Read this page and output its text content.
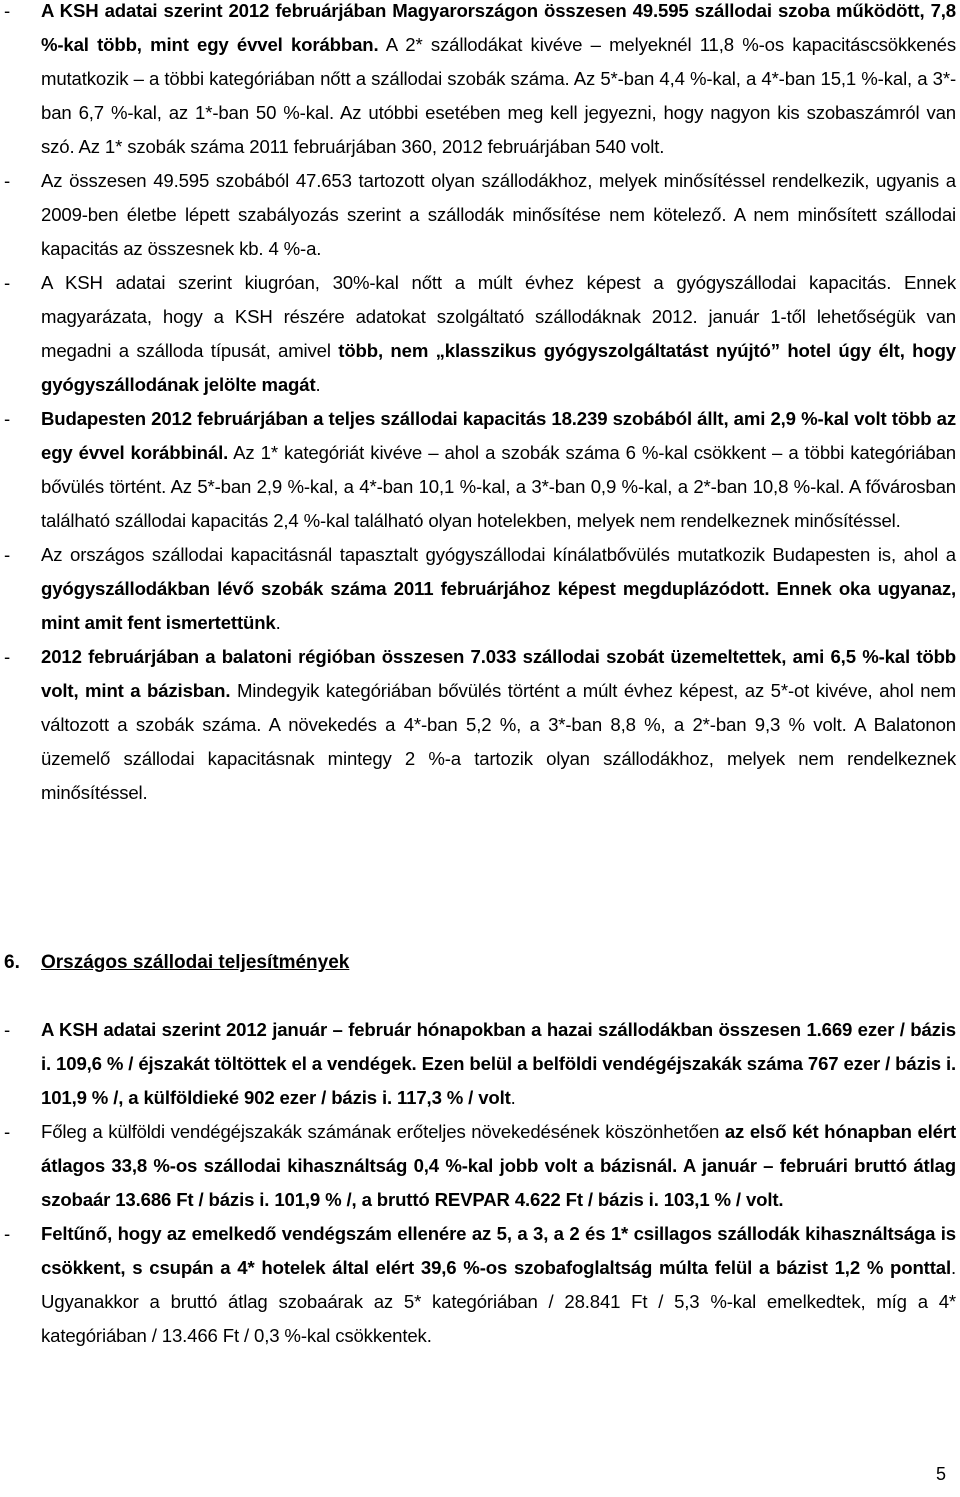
- A KSH adatai szerint 2012 februárjában Magyarországon összesen 49.595 szállodai szoba működött, 7,8 %-kal több, mint egy évvel korábban. A 2* szállodákat kivéve – melyeknél 11,8 %-os kapacitáscsökkenés mutatkozik – a többi kategóriában nőtt a szállodai szobák száma. Az 5*-ban 4,4 %-kal, a 4*-ban 15,1 %-kal, a 3*-ban 6,7 %-kal, az 1*-ban 50 %-kal. Az utóbbi esetében meg kell jegyezni, hogy nagyon kis szobaszámról van szó. Az 1* szobák száma 2011 februárjában 360, 2012 februárjában 540 volt.
- Az összesen 49.595 szobából 47.653 tartozott olyan szállodákhoz, melyek minősítéssel rendelkezik, ugyanis a 2009-ben életbe lépett szabályozás szerint a szállodák minősítése nem kötelező. A nem minősített szállodai kapacitás az összesnek kb. 4 %-a.
- A KSH adatai szerint kiugróan, 30%-kal nőtt a múlt évhez képest a gyógyszállodai kapacitás. Ennek magyarázata, hogy a KSH részére adatokat szolgáltató szállodáknak 2012. január 1-től lehetőségük van megadni a szálloda típusát, amivel több, nem „klasszikus gyógyszolgáltatást nyújtó” hotel úgy élt, hogy gyógyszállodának jelölte magát.
- Budapesten 2012 februárjában a teljes szállodai kapacitás 18.239 szobából állt, ami 2,9 %-kal volt több az egy évvel korábbinál. Az 1* kategóriát kivéve – ahol a szobák száma 6 %-kal csökkent – a többi kategóriában bővülés történt. Az 5*-ban 2,9 %-kal, a 4*-ban 10,1 %-kal, a 3*-ban 0,9 %-kal, a 2*-ban 10,8 %-kal. A fővárosban található szállodai kapacitás 2,4 %-kal található olyan hotelekben, melyek nem rendelkeznek minősítéssel.
- Az országos szállodai kapacitásnál tapasztalt gyógyszállodai kínálatbővülés mutatkozik Budapesten is, ahol a gyógyszállodákban lévő szobák száma 2011 februárjához képest megduplázódott. Ennek oka ugyanaz, mint amit fent ismertettünk.
- 2012 februárjában a balatoni régióban összesen 7.033 szállodai szobát üzemeltettek, ami 6,5 %-kal több volt, mint a bázisban. Mindegyik kategóriában bővülés történt a múlt évhez képest, az 5*-ot kivéve, ahol nem változott a szobák száma. A növekedés a 4*-ban 5,2 %, a 3*-ban 8,8 %, a 2*-ban 9,3 % volt. A Balatonon üzemelő szállodai kapacitásnak mintegy 2 %-a tartozik olyan szállodákhoz, melyek nem rendelkeznek minősítéssel.
6. Országos szállodai teljesítmények
- A KSH adatai szerint 2012 január – február hónapokban a hazai szállodákban összesen 1.669 ezer / bázis i. 109,6 % / éjszakát töltöttek el a vendégek. Ezen belül a belföldi vendégéjszakák száma 767 ezer / bázis i. 101,9 % /, a külföldieké 902 ezer / bázis i. 117,3 % / volt.
- Főleg a külföldi vendégéjszakák számának erőteljes növekedésének köszönhetően az első két hónapban elért átlagos 33,8 %-os szállodai kihasználtság 0,4 %-kal jobb volt a bázisnál. A január – februári bruttó átlag szobaár 13.686 Ft / bázis i. 101,9 % /, a bruttó REVPAR 4.622 Ft / bázis i. 103,1 % / volt.
- Feltűnő, hogy az emelkedő vendégszám ellenére az 5, a 3, a 2 és 1* csillagos szállodák kihasználtsága is csökkent, s csupán a 4* hotelek által elért 39,6 %-os szobafoglaltság múlta felül a bázist 1,2 % ponttal. Ugyanakkor a bruttó átlag szobaárak az 5* kategóriában / 28.841 Ft / 5,3 %-kal emelkedtek, míg a 4* kategóriában / 13.466 Ft / 0,3 %-kal csökkentek.
5
